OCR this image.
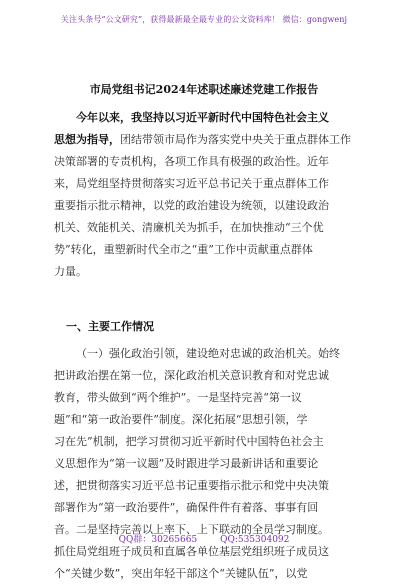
关注头条号“公文研究”，获得最新最全最专业的公文资料库！ 微信：gongwenj
市局党组书记2024年述职述廉述党建工作报告
今年以来，我坚持以习近平新时代中国特色社会主义
思想为指导，团结带领市局作为落实党中央关于重点群体工作
决策部署的专责机构，各项工作具有极强的政治性。近年
来，局党组坚持贯彻落实习近平总书记关于重点群体工作
重要指示批示精神，以党的政治建设为统领，以建设政治
机关、效能机关、清廉机关为抓手，在加快推动“三个优
势”转化，重塑新时代全市之“重”工作中贡献重点群体
力量。
一、主要工作情况
（一）强化政治引领，建设绝对忠诚的政治机关。始终
把讲政治摆在第一位，深化政治机关意识教育和对党忠诚
教育，带头做到“两个维护”。一是坚持完善“第一议
题”和“第一政治要件”制度。深化拓展“思想引领，学
习在先”机制，把学习贯彻习近平新时代中国特色社会主
义思想作为“第一议题”及时跟进学习最新讲话和重要论
述，把贯彻落实习近平总书记重要指示批示和党中央决策
部署作为“第一政治要件”，确保件件有着落、事事有回
音。二是坚持完善以上率下、上下联动的全员学习制度。
抓住局党组班子成员和直属各单位基层党组织班子成员这
个“关键少数”，突出年轻干部这个“关键队伍”，以党
QQ群：30265665	QQ:535304092
